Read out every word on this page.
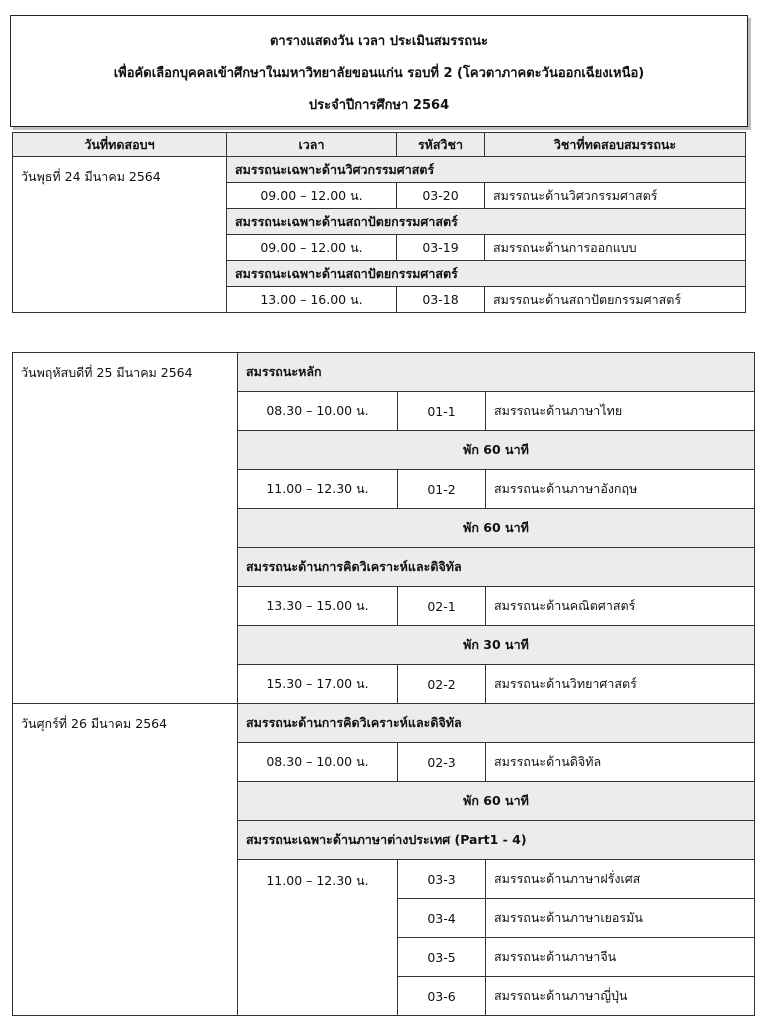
ตารางแสดงวัน เวลา ประเมินสมรรถนะ
เพื่อคัดเลือกบุคคลเข้าศึกษาในมหาวิทยาลัยขอนแก่น รอบที่ 2 (โควตาภาคตะวันออกเฉียงเหนือ)
ประจำปีการศึกษา 2564
วันที่ทดสอบฯ	เวลา	รหัสวิชา	วิชาที่ทดสอบสมรรถนะ
วันพุธที่ 24 มีนาคม 2564	สมรรถนะเฉพาะด้านวิศวกรรมศาสตร์		
	09.00 – 12.00 น.	03-20	สมรรถนะด้านวิศวกรรมศาสตร์
	สมรรถนะเฉพาะด้านสถาปัตยกรรมศาสตร์		
	09.00 – 12.00 น.	03-19	สมรรถนะด้านการออกแบบ
	สมรรถนะเฉพาะด้านสถาปัตยกรรมศาสตร์		
	13.00 – 16.00 น.	03-18	สมรรถนะด้านสถาปัตยกรรมศาสตร์
วันพฤหัสบดีที่ 25 มีนาคม 2564	สมรรถนะหลัก		
	08.30 – 10.00 น.	01-1	สมรรถนะด้านภาษาไทย
	พัก 60 นาที		
	11.00 – 12.30 น.	01-2	สมรรถนะด้านภาษาอังกฤษ
	พัก 60 นาที		
	สมรรถนะด้านการคิดวิเคราะห์และดิจิทัล		
	13.30 – 15.00 น.	02-1	สมรรถนะด้านคณิตศาสตร์
	พัก 30 นาที		
	15.30 – 17.00 น.	02-2	สมรรถนะด้านวิทยาศาสตร์
วันศุกร์ที่ 26 มีนาคม 2564	สมรรถนะด้านการคิดวิเคราะห์และดิจิทัล		
	08.30 – 10.00 น.	02-3	สมรรถนะด้านดิจิทัล
	พัก 60 นาที		
	สมรรถนะเฉพาะด้านภาษาต่างประเทศ (Part1 - 4)		
	11.00 – 12.30 น.	03-3	สมรรถนะด้านภาษาฝรั่งเศส
		03-4	สมรรถนะด้านภาษาเยอรมัน
		03-5	สมรรถนะด้านภาษาจีน
		03-6	สมรรถนะด้านภาษาญี่ปุ่น
